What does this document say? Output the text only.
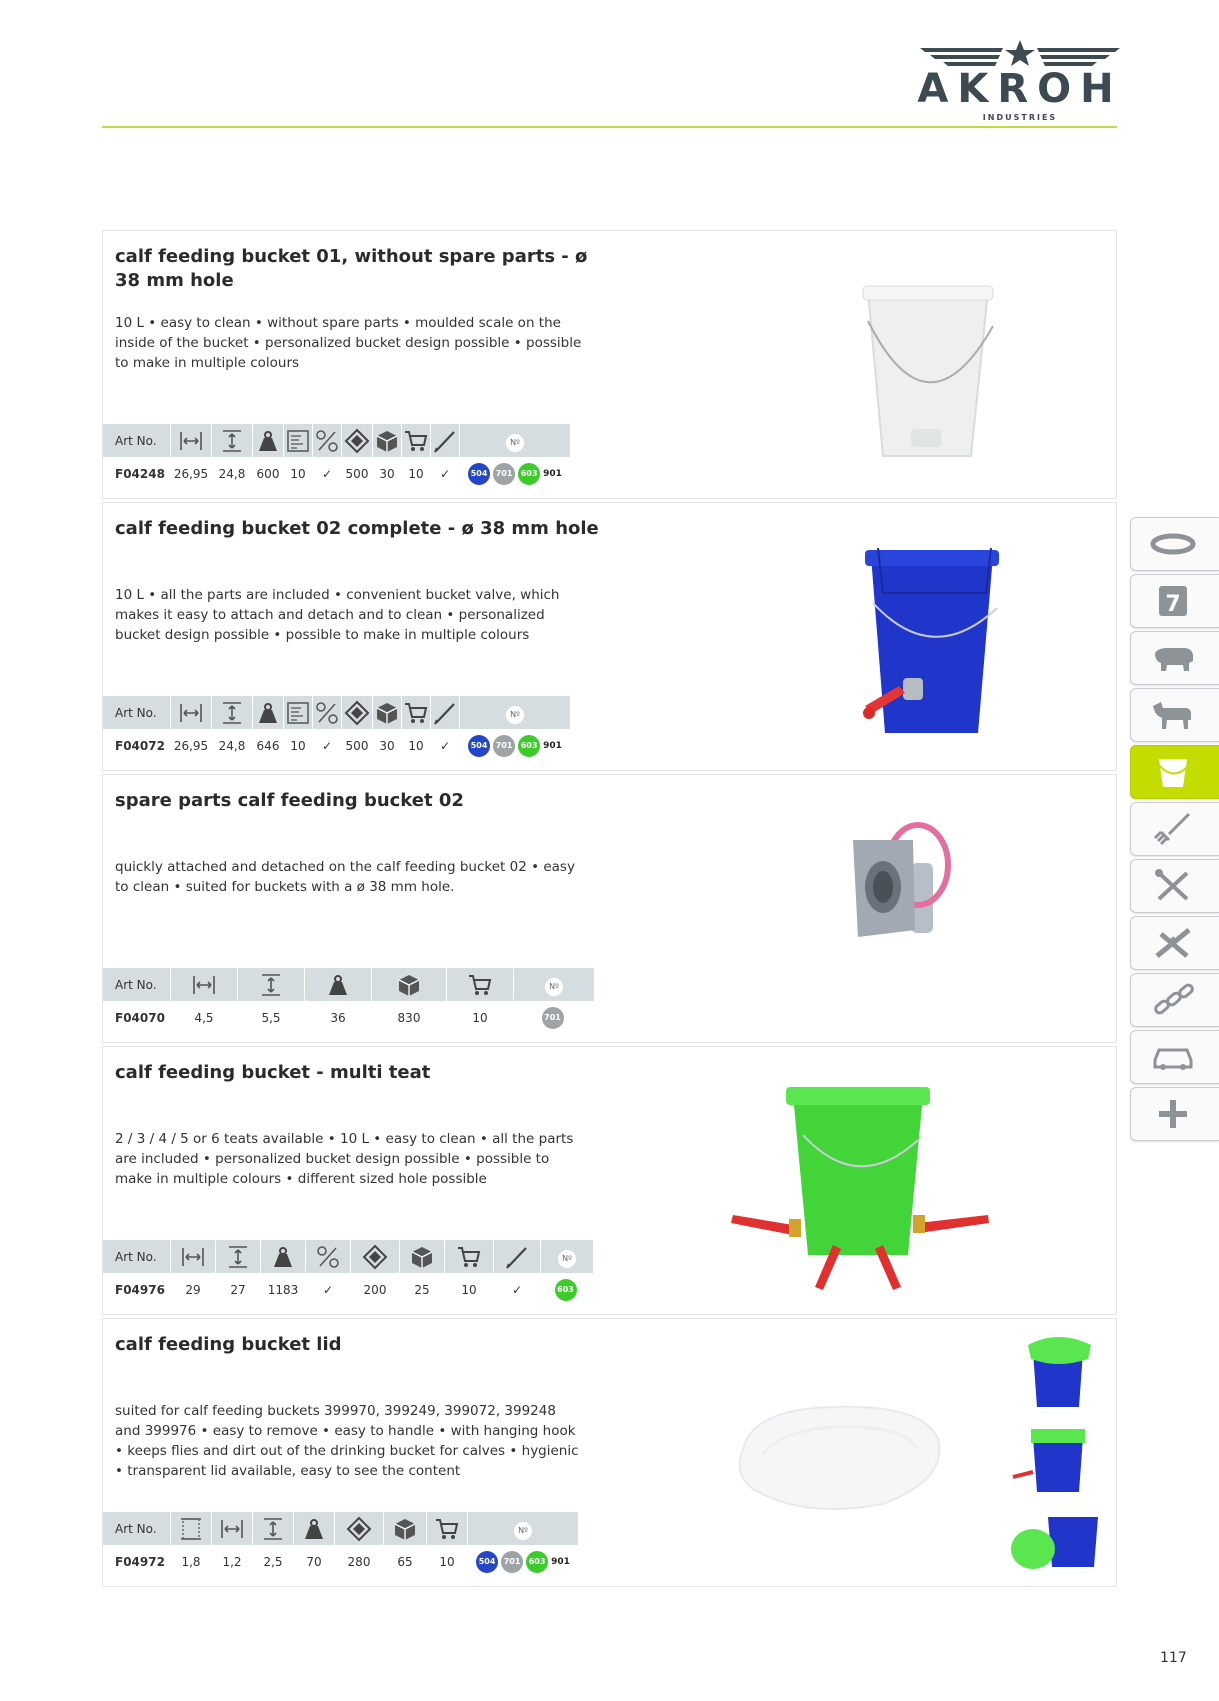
AKROH
INDUSTRIES
calf feeding bucket 01, without spare parts - ø 38 mm hole
10 L • easy to clean • without spare parts • moulded scale on the inside of the bucket • personalized bucket design possible • possible to make in multiple colours
Art No.										Nº
F04248	26,95	24,8	600	10	✓	500	30	10	✓	504 701 603 901
calf feeding bucket 02 complete - ø 38 mm hole
10 L • all the parts are included • convenient bucket valve, which makes it easy to attach and detach and to clean • personalized bucket design possible • possible to make in multiple colours
Art No.										Nº
F04072	26,95	24,8	646	10	✓	500	30	10	✓	504 701 603 901
spare parts calf feeding bucket 02
quickly attached and detached on the calf feeding bucket 02 • easy to clean • suited for buckets with a ø 38 mm hole.
Art No.						Nº
F04070	4,5	5,5	36	830	10	701
calf feeding bucket - multi teat
2 / 3 / 4 / 5 or 6 teats available • 10 L • easy to clean • all the parts are included • personalized bucket design possible • possible to make in multiple colours • different sized hole possible
Art No.									Nº
F04976	29	27	1183	✓	200	25	10	✓	603
calf feeding bucket lid
suited for calf feeding buckets 399970, 399249, 399072, 399248 and 399976 • easy to remove • easy to handle • with hanging hook • keeps flies and dirt out of the drinking bucket for calves • hygienic • transparent lid available, easy to see the content
Art No.								Nº
F04972	1,8	1,2	2,5	70	280	65	10	504 701 603 901
7
117
